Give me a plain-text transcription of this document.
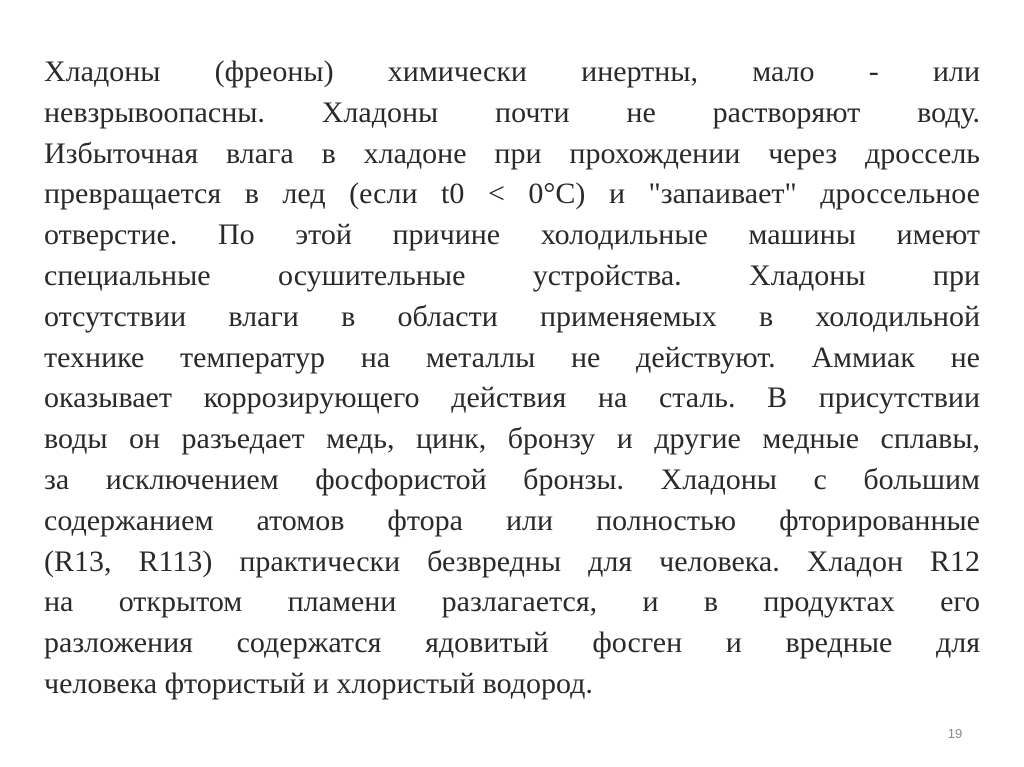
Хладоны (фреоны) химически инертны, мало - или
невзрывоопасны. Хладоны почти не растворяют воду.
Избыточная влага в хладоне при прохождении через дроссель
превращается в лед (если t0 < 0°С) и "запаивает" дроссельное
отверстие. По этой причине холодильные машины имеют
специальные осушительные устройства. Хладоны при
отсутствии влаги в области применяемых в холодильной
технике температур на металлы не действуют. Аммиак не
оказывает коррозирующего действия на сталь. В присутствии
воды он разъедает медь, цинк, бронзу и другие медные сплавы,
за исключением фосфористой бронзы. Хладоны с большим
содержанием атомов фтора или полностью фторированные
(R13, R113) практически безвредны для человека. Хладон R12
на открытом пламени разлагается, и в продуктах его
разложения содержатся ядовитый фосген и вредные для
человека фтористый и хлористый водород.
19
